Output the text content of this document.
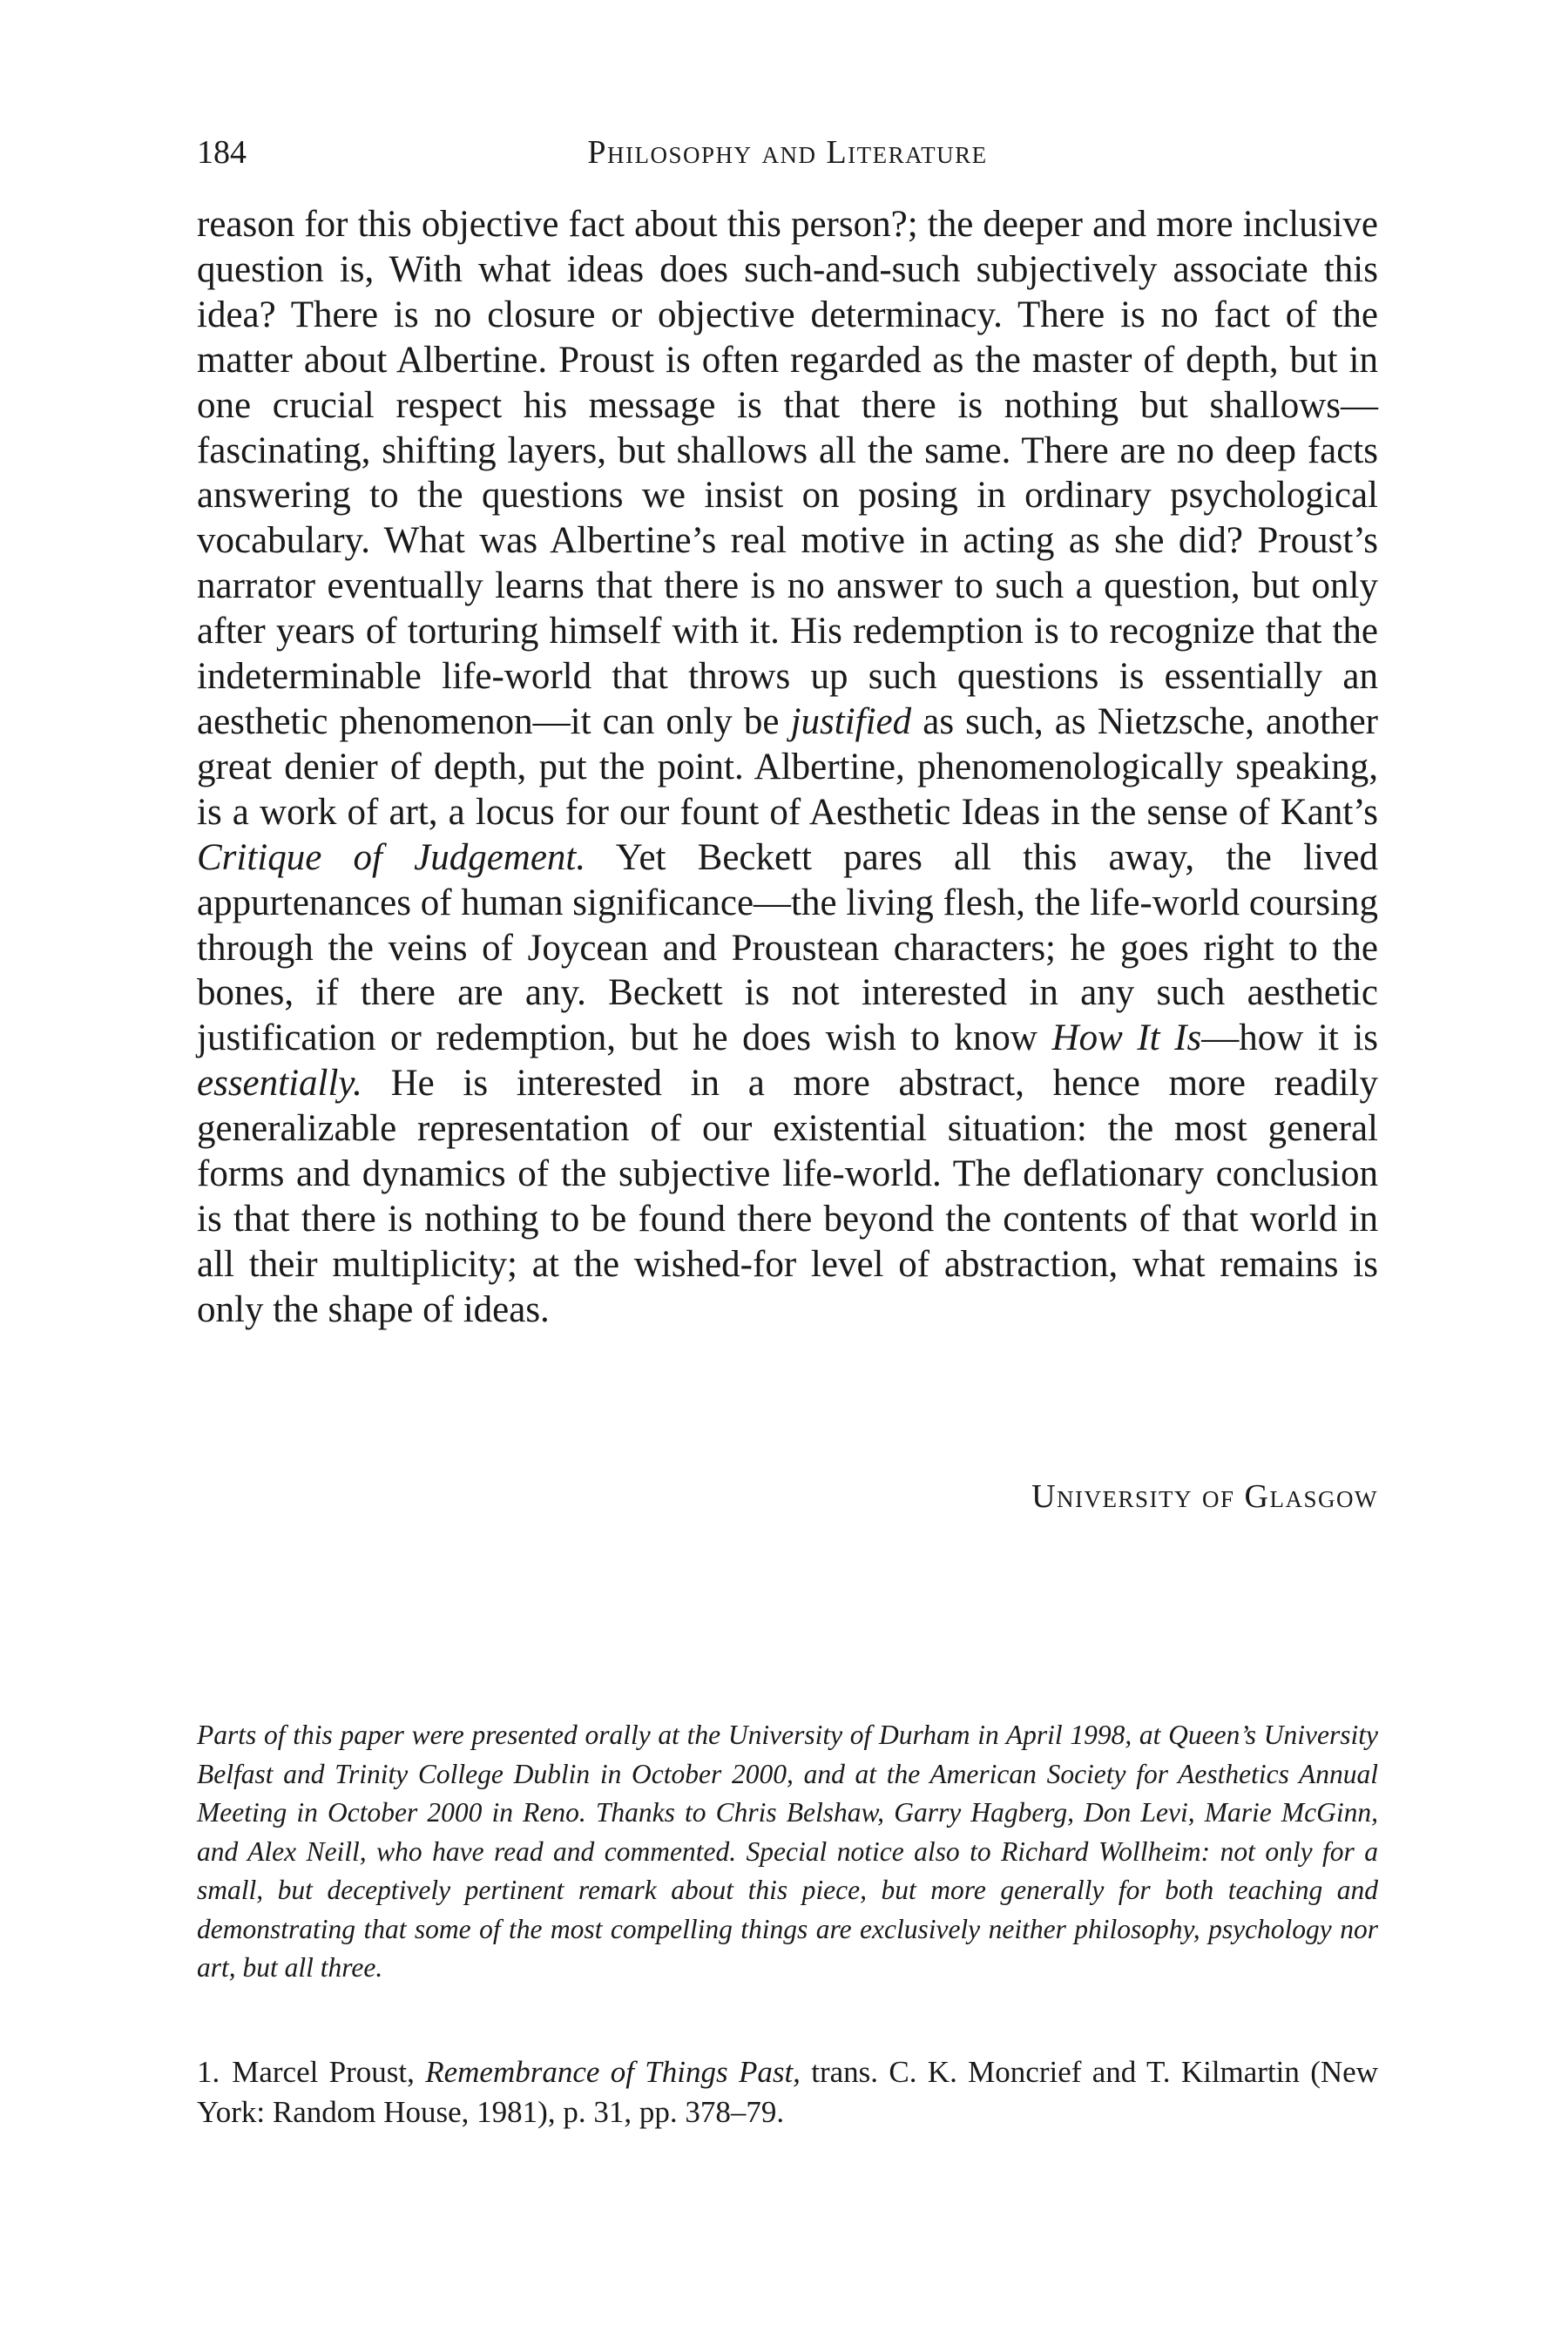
184	Philosophy and Literature

reason for this objective fact about this person?; the deeper and more inclusive question is, With what ideas does such-and-such subjectively associate this idea? There is no closure or objective determinacy. There is no fact of the matter about Albertine. Proust is often regarded as the master of depth, but in one crucial respect his message is that there is nothing but shallows—fascinating, shifting layers, but shallows all the same. There are no deep facts answering to the questions we insist on posing in ordinary psychological vocabulary. What was Albertine’s real motive in acting as she did? Proust’s narrator eventually learns that there is no answer to such a question, but only after years of torturing himself with it. His redemption is to recognize that the indeterminable life-world that throws up such questions is essentially an aesthetic phenomenon—it can only be justified as such, as Nietzsche, another great denier of depth, put the point. Albertine, phenomenologically speaking, is a work of art, a locus for our fount of Aesthetic Ideas in the sense of Kant’s Critique of Judgement. Yet Beckett pares all this away, the lived appurtenances of human significance—the living flesh, the life-world coursing through the veins of Joycean and Proustean characters; he goes right to the bones, if there are any. Beckett is not interested in any such aesthetic justification or redemption, but he does wish to know How It Is—how it is essentially. He is interested in a more abstract, hence more readily generalizable representation of our existential situation: the most general forms and dynamics of the subjective life-world. The deflationary conclusion is that there is nothing to be found there beyond the contents of that world in all their multiplicity; at the wished-for level of abstraction, what remains is only the shape of ideas.

University of Glasgow

Parts of this paper were presented orally at the University of Durham in April 1998, at Queen’s University Belfast and Trinity College Dublin in October 2000, and at the American Society for Aesthetics Annual Meeting in October 2000 in Reno. Thanks to Chris Belshaw, Garry Hagberg, Don Levi, Marie McGinn, and Alex Neill, who have read and commented. Special notice also to Richard Wollheim: not only for a small, but deceptively pertinent remark about this piece, but more generally for both teaching and demonstrating that some of the most compelling things are exclusively neither philosophy, psychology nor art, but all three.

1. Marcel Proust, Remembrance of Things Past, trans. C. K. Moncrief and T. Kilmartin (New York: Random House, 1981), p. 31, pp. 378–79.
